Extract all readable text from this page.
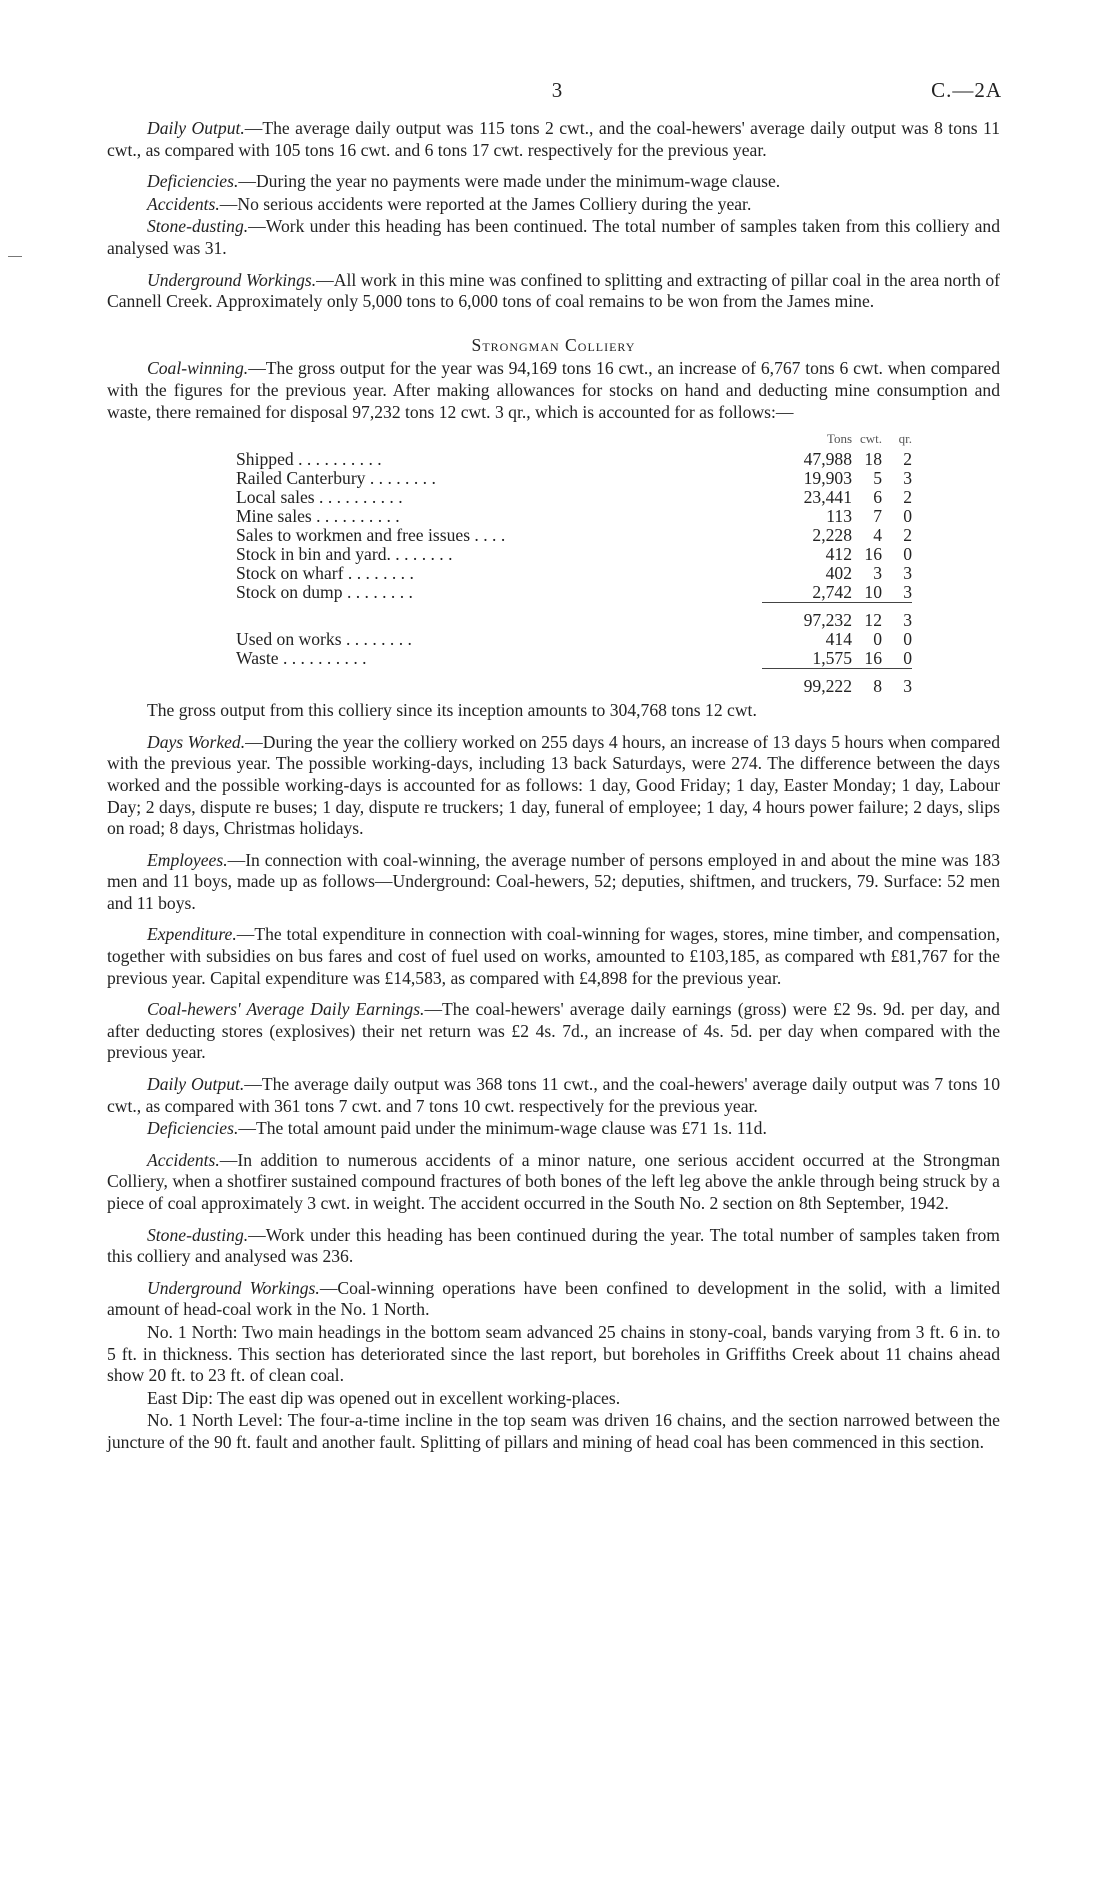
3	C.—2A

Daily Output.—The average daily output was 115 tons 2 cwt., and the coal-hewers' average daily output was 8 tons 11 cwt., as compared with 105 tons 16 cwt. and 6 tons 17 cwt. respectively for the previous year.

Deficiencies.—During the year no payments were made under the minimum-wage clause.

Accidents.—No serious accidents were reported at the James Colliery during the year.

Stone-dusting.—Work under this heading has been continued. The total number of samples taken from this colliery and analysed was 31.

Underground Workings.—All work in this mine was confined to splitting and extracting of pillar coal in the area north of Cannell Creek. Approximately only 5,000 tons to 6,000 tons of coal remains to be won from the James mine.

Strongman Colliery

Coal-winning.—The gross output for the year was 94,169 tons 16 cwt., an increase of 6,767 tons 6 cwt. when compared with the figures for the previous year. After making allowances for stocks on hand and deducting mine consumption and waste, there remained for disposal 97,232 tons 12 cwt. 3 qr., which is accounted for as follows:—

	Tons	cwt.	qr.
Shipped . . . . . . . . . .	47,988	18	2
Railed Canterbury . . . . . . . .	19,903	5	3
Local sales . . . . . . . . . .	23,441	6	2
Mine sales . . . . . . . . . .	113	7	0
Sales to workmen and free issues . . . .	2,228	4	2
Stock in bin and yard. . . . . . . .	412	16	0
Stock on wharf . . . . . . . .	402	3	3
Stock on dump . . . . . . . .	2,742	10	3
	97,232	12	3
Used on works . . . . . . . .	414	0	0
Waste . . . . . . . . . .	1,575	16	0
	99,222	8	3

The gross output from this colliery since its inception amounts to 304,768 tons 12 cwt.

Days Worked.—During the year the colliery worked on 255 days 4 hours, an increase of 13 days 5 hours when compared with the previous year. The possible working-days, including 13 back Saturdays, were 274. The difference between the days worked and the possible working-days is accounted for as follows: 1 day, Good Friday; 1 day, Easter Monday; 1 day, Labour Day; 2 days, dispute re buses; 1 day, dispute re truckers; 1 day, funeral of employee; 1 day, 4 hours power failure; 2 days, slips on road; 8 days, Christmas holidays.

Employees.—In connection with coal-winning, the average number of persons employed in and about the mine was 183 men and 11 boys, made up as follows—Underground: Coal-hewers, 52; deputies, shiftmen, and truckers, 79. Surface: 52 men and 11 boys.

Expenditure.—The total expenditure in connection with coal-winning for wages, stores, mine timber, and compensation, together with subsidies on bus fares and cost of fuel used on works, amounted to £103,185, as compared wth £81,767 for the previous year. Capital expenditure was £14,583, as compared with £4,898 for the previous year.

Coal-hewers' Average Daily Earnings.—The coal-hewers' average daily earnings (gross) were £2 9s. 9d. per day, and after deducting stores (explosives) their net return was £2 4s. 7d., an increase of 4s. 5d. per day when compared with the previous year.

Daily Output.—The average daily output was 368 tons 11 cwt., and the coal-hewers' average daily output was 7 tons 10 cwt., as compared with 361 tons 7 cwt. and 7 tons 10 cwt. respectively for the previous year.

Deficiencies.—The total amount paid under the minimum-wage clause was £71 1s. 11d.

Accidents.—In addition to numerous accidents of a minor nature, one serious accident occurred at the Strongman Colliery, when a shotfirer sustained compound fractures of both bones of the left leg above the ankle through being struck by a piece of coal approximately 3 cwt. in weight. The accident occurred in the South No. 2 section on 8th September, 1942.

Stone-dusting.—Work under this heading has been continued during the year. The total number of samples taken from this colliery and analysed was 236.

Underground Workings.—Coal-winning operations have been confined to development in the solid, with a limited amount of head-coal work in the No. 1 North.

No. 1 North: Two main headings in the bottom seam advanced 25 chains in stony-coal, bands varying from 3 ft. 6 in. to 5 ft. in thickness. This section has deteriorated since the last report, but boreholes in Griffiths Creek about 11 chains ahead show 20 ft. to 23 ft. of clean coal.

East Dip: The east dip was opened out in excellent working-places.

No. 1 North Level: The four-a-time incline in the top seam was driven 16 chains, and the section narrowed between the juncture of the 90 ft. fault and another fault. Splitting of pillars and mining of head coal has been commenced in this section.
